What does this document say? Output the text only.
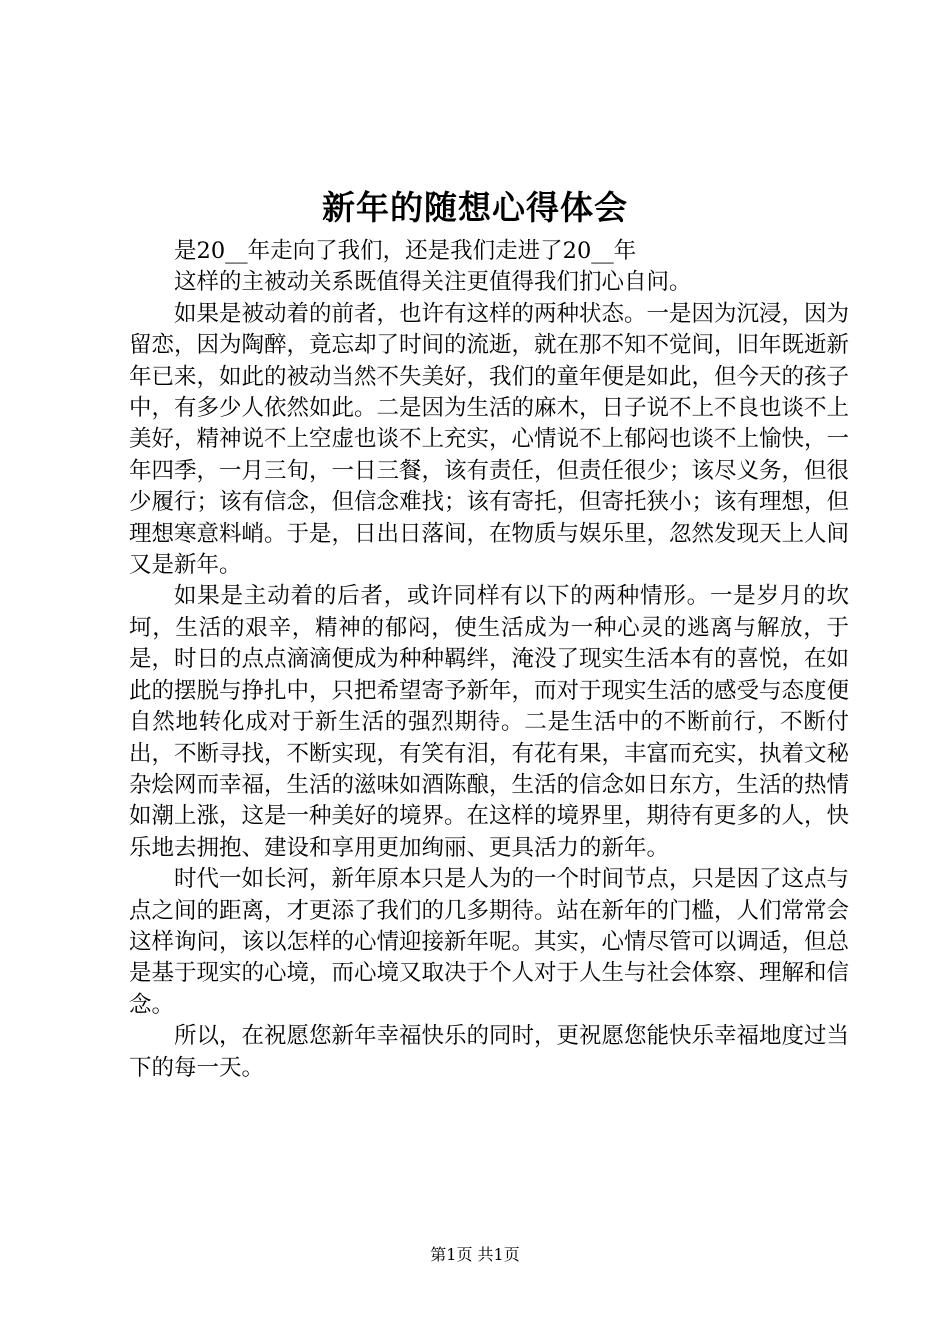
新年的随想心得体会

是20__年走向了我们，还是我们走进了20__年

这样的主被动关系既值得关注更值得我们扪心自问。

如果是被动着的前者，也许有这样的两种状态。一是因为沉浸，因为留恋，因为陶醉，竟忘却了时间的流逝，就在那不知不觉间，旧年既逝新年已来，如此的被动当然不失美好，我们的童年便是如此，但今天的孩子中，有多少人依然如此。二是因为生活的麻木，日子说不上不良也谈不上美好，精神说不上空虚也谈不上充实，心情说不上郁闷也谈不上愉快，一年四季，一月三旬，一日三餐，该有责任，但责任很少；该尽义务，但很少履行；该有信念，但信念难找；该有寄托，但寄托狭小；该有理想，但理想寒意料峭。于是，日出日落间，在物质与娱乐里，忽然发现天上人间又是新年。

如果是主动着的后者，或许同样有以下的两种情形。一是岁月的坎坷，生活的艰辛，精神的郁闷，使生活成为一种心灵的逃离与解放，于是，时日的点点滴滴便成为种种羁绊，淹没了现实生活本有的喜悦，在如此的摆脱与挣扎中，只把希望寄予新年，而对于现实生活的感受与态度便自然地转化成对于新生活的强烈期待。二是生活中的不断前行，不断付出，不断寻找，不断实现，有笑有泪，有花有果，丰富而充实，执着文秘杂烩网而幸福，生活的滋味如酒陈酿，生活的信念如日东方，生活的热情如潮上涨，这是一种美好的境界。在这样的境界里，期待有更多的人，快乐地去拥抱、建设和享用更加绚丽、更具活力的新年。

时代一如长河，新年原本只是人为的一个时间节点，只是因了这点与点之间的距离，才更添了我们的几多期待。站在新年的门槛，人们常常会这样询问，该以怎样的心情迎接新年呢。其实，心情尽管可以调适，但总是基于现实的心境，而心境又取决于个人对于人生与社会体察、理解和信念。

所以，在祝愿您新年幸福快乐的同时，更祝愿您能快乐幸福地度过当下的每一天。

第1页 共1页
